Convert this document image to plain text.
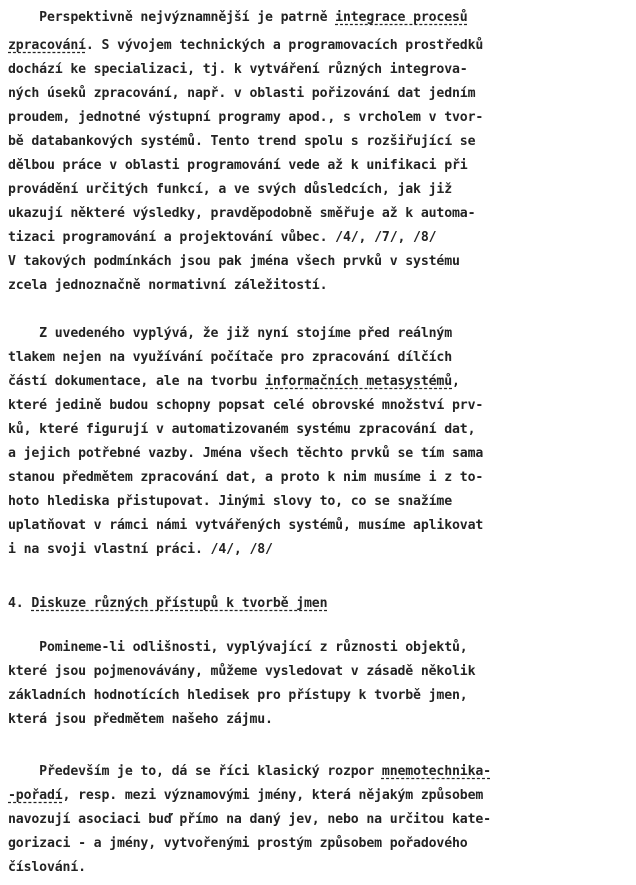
Perspektivně nejvýznamnější je patrně integrace procesů
zpracování. S vývojem technických a programovacích prostředků
dochází ke specializaci, tj. k vytváření různých integrova-
ných úseků zpracování, např. v oblasti pořizování dat jedním
proudem, jednotné výstupní programy apod., s vrcholem v tvor-
bě databankových systémů. Tento trend spolu s rozšiřující se
dělbou práce v oblasti programování vede až k unifikaci při
provádění určitých funkcí, a ve svých důsledcích, jak již
ukazují některé výsledky, pravděpodobně směřuje až k automa-
tizaci programování a projektování vůbec. /4/, /7/, /8/
V takových podmínkách jsou pak jména všech prvků v systému
zcela jednoznačně normativní záležitostí.
Z uvedeného vyplývá, že již nyní stojíme před reálným
tlakem nejen na využívání počítače pro zpracování dílčích
částí dokumentace, ale na tvorbu informačních metasystémů,
které jedině budou schopny popsat celé obrovské množství prv-
ků, které figurují v automatizovaném systému zpracování dat,
a jejich potřebné vazby. Jména všech těchto prvků se tím sama
stanou předmětem zpracování dat, a proto k nim musíme i z to-
hoto hlediska přistupovat. Jinými slovy to, co se snažíme
uplatňovat v rámci námi vytvářených systémů, musíme aplikovat
i na svoji vlastní práci. /4/, /8/
4. Diskuze různých přístupů k tvorbě jmen
Pomineme-li odlišnosti, vyplývající z různosti objektů,
které jsou pojmenovávány, můžeme vysledovat v zásadě několik
základních hodnotících hledisek pro přístupy k tvorbě jmen,
která jsou předmětem našeho zájmu.
Především je to, dá se říci klasický rozpor mnemotechnika-
-pořadí, resp. mezi významovými jmény, která nějakým způsobem
navozují asociaci buď přímo na daný jev, nebo na určitou kate-
gorizaci - a jmény, vytvořenými prostým způsobem pořadového
číslování.
